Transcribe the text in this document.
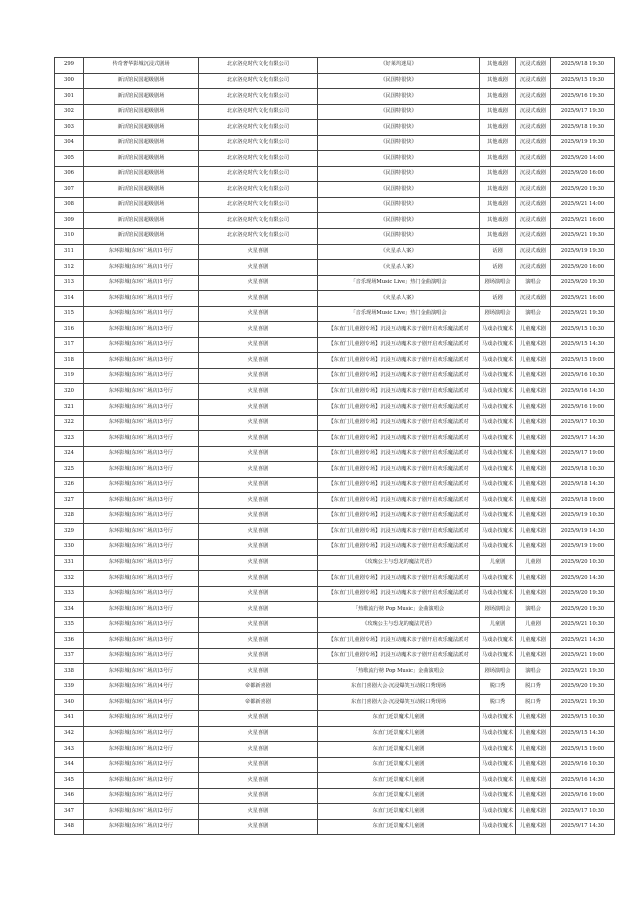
299	传奇奢华影城沉浸式剧场	北京洛克时代文化有限公司	《好莱坞迷局》	其他戏剧	沉浸式戏剧	2025/9/18 19:30
300	新活馆民国超级剧场	北京洛克时代文化有限公司	《民国特很快》	其他戏剧	沉浸式戏剧	2025/9/15 19:30
301	新活馆民国超级剧场	北京洛克时代文化有限公司	《民国特很快》	其他戏剧	沉浸式戏剧	2025/9/16 19:30
302	新活馆民国超级剧场	北京洛克时代文化有限公司	《民国特很快》	其他戏剧	沉浸式戏剧	2025/9/17 19:30
303	新活馆民国超级剧场	北京洛克时代文化有限公司	《民国特很快》	其他戏剧	沉浸式戏剧	2025/9/18 19:30
304	新活馆民国超级剧场	北京洛克时代文化有限公司	《民国特很快》	其他戏剧	沉浸式戏剧	2025/9/19 19:30
305	新活馆民国超级剧场	北京洛克时代文化有限公司	《民国特很快》	其他戏剧	沉浸式戏剧	2025/9/20 14:00
306	新活馆民国超级剧场	北京洛克时代文化有限公司	《民国特很快》	其他戏剧	沉浸式戏剧	2025/9/20 16:00
307	新活馆民国超级剧场	北京洛克时代文化有限公司	《民国特很快》	其他戏剧	沉浸式戏剧	2025/9/20 19:30
308	新活馆民国超级剧场	北京洛克时代文化有限公司	《民国特很快》	其他戏剧	沉浸式戏剧	2025/9/21 14:00
309	新活馆民国超级剧场	北京洛克时代文化有限公司	《民国特很快》	其他戏剧	沉浸式戏剧	2025/9/21 16:00
310	新活馆民国超级剧场	北京洛克时代文化有限公司	《民国特很快》	其他戏剧	沉浸式戏剧	2025/9/21 19:30
311	东环影城(东环广场店)1号厅	火星喜剧	《火星杀人案》	话剧	沉浸式戏剧	2025/9/19 19:30
312	东环影城(东环广场店)1号厅	火星喜剧	《火星杀人案》	话剧	沉浸式戏剧	2025/9/20 16:00
313	东环影城(东环广场店)1号厅	火星喜剧	「音乐现场Music Live」热门金曲演唱会	剧场演唱会	演唱会	2025/9/20 19:30
314	东环影城(东环广场店)1号厅	火星喜剧	《火星杀人案》	话剧	沉浸式戏剧	2025/9/21 16:00
315	东环影城(东环广场店)1号厅	火星喜剧	「音乐现场Music Live」热门金曲演唱会	剧场演唱会	演唱会	2025/9/21 19:30
316	东环影城(东环广场店)3号厅	火星喜剧	【东直门儿童剧专场】沉浸互动魔术亲子剧开启欢乐魔法派对	马戏杂技魔术	儿童魔术剧	2025/9/15 10:30
317	东环影城(东环广场店)3号厅	火星喜剧	【东直门儿童剧专场】沉浸互动魔术亲子剧开启欢乐魔法派对	马戏杂技魔术	儿童魔术剧	2025/9/15 14:30
318	东环影城(东环广场店)3号厅	火星喜剧	【东直门儿童剧专场】沉浸互动魔术亲子剧开启欢乐魔法派对	马戏杂技魔术	儿童魔术剧	2025/9/15 19:00
319	东环影城(东环广场店)3号厅	火星喜剧	【东直门儿童剧专场】沉浸互动魔术亲子剧开启欢乐魔法派对	马戏杂技魔术	儿童魔术剧	2025/9/16 10:30
320	东环影城(东环广场店)3号厅	火星喜剧	【东直门儿童剧专场】沉浸互动魔术亲子剧开启欢乐魔法派对	马戏杂技魔术	儿童魔术剧	2025/9/16 14:30
321	东环影城(东环广场店)3号厅	火星喜剧	【东直门儿童剧专场】沉浸互动魔术亲子剧开启欢乐魔法派对	马戏杂技魔术	儿童魔术剧	2025/9/16 19:00
322	东环影城(东环广场店)3号厅	火星喜剧	【东直门儿童剧专场】沉浸互动魔术亲子剧开启欢乐魔法派对	马戏杂技魔术	儿童魔术剧	2025/9/17 10:30
323	东环影城(东环广场店)3号厅	火星喜剧	【东直门儿童剧专场】沉浸互动魔术亲子剧开启欢乐魔法派对	马戏杂技魔术	儿童魔术剧	2025/9/17 14:30
324	东环影城(东环广场店)3号厅	火星喜剧	【东直门儿童剧专场】沉浸互动魔术亲子剧开启欢乐魔法派对	马戏杂技魔术	儿童魔术剧	2025/9/17 19:00
325	东环影城(东环广场店)3号厅	火星喜剧	【东直门儿童剧专场】沉浸互动魔术亲子剧开启欢乐魔法派对	马戏杂技魔术	儿童魔术剧	2025/9/18 10:30
326	东环影城(东环广场店)3号厅	火星喜剧	【东直门儿童剧专场】沉浸互动魔术亲子剧开启欢乐魔法派对	马戏杂技魔术	儿童魔术剧	2025/9/18 14:30
327	东环影城(东环广场店)3号厅	火星喜剧	【东直门儿童剧专场】沉浸互动魔术亲子剧开启欢乐魔法派对	马戏杂技魔术	儿童魔术剧	2025/9/18 19:00
328	东环影城(东环广场店)3号厅	火星喜剧	【东直门儿童剧专场】沉浸互动魔术亲子剧开启欢乐魔法派对	马戏杂技魔术	儿童魔术剧	2025/9/19 10:30
329	东环影城(东环广场店)3号厅	火星喜剧	【东直门儿童剧专场】沉浸互动魔术亲子剧开启欢乐魔法派对	马戏杂技魔术	儿童魔术剧	2025/9/19 14:30
330	东环影城(东环广场店)3号厅	火星喜剧	【东直门儿童剧专场】沉浸互动魔术亲子剧开启欢乐魔法派对	马戏杂技魔术	儿童魔术剧	2025/9/19 19:00
331	东环影城(东环广场店)3号厅	火星喜剧	《玫瑰公主与恐龙的魔法咒语》	儿童剧	儿童剧	2025/9/20 10:30
332	东环影城(东环广场店)3号厅	火星喜剧	【东直门儿童剧专场】沉浸互动魔术亲子剧开启欢乐魔法派对	马戏杂技魔术	儿童魔术剧	2025/9/20 14:30
333	东环影城(东环广场店)3号厅	火星喜剧	【东直门儿童剧专场】沉浸互动魔术亲子剧开启欢乐魔法派对	马戏杂技魔术	儿童魔术剧	2025/9/20 19:30
334	东环影城(东环广场店)3号厅	火星喜剧	「热歌流行榜 Pop Music」金曲演唱会	剧场演唱会	演唱会	2025/9/20 19:30
335	东环影城(东环广场店)3号厅	火星喜剧	《玫瑰公主与恐龙的魔法咒语》	儿童剧	儿童剧	2025/9/21 10:30
336	东环影城(东环广场店)3号厅	火星喜剧	【东直门儿童剧专场】沉浸互动魔术亲子剧开启欢乐魔法派对	马戏杂技魔术	儿童魔术剧	2025/9/21 14:30
337	东环影城(东环广场店)3号厅	火星喜剧	【东直门儿童剧专场】沉浸互动魔术亲子剧开启欢乐魔法派对	马戏杂技魔术	儿童魔术剧	2025/9/21 19:00
338	东环影城(东环广场店)3号厅	火星喜剧	「热歌流行榜 Pop Music」金曲演唱会	剧场演唱会	演唱会	2025/9/21 19:30
339	东环影城(东环广场店)4号厅	帝都新喜剧	东直门喜剧大会·沉浸爆笑互动脱口秀现场	脱口秀	脱口秀	2025/9/20 19:30
340	东环影城(东环广场店)4号厅	帝都新喜剧	东直门喜剧大会·沉浸爆笑互动脱口秀现场	脱口秀	脱口秀	2025/9/21 19:30
341	东环影城(东环广场店)2号厅	火星喜剧	东直门近景魔术儿童剧	马戏杂技魔术	儿童魔术剧	2025/9/15 10:30
342	东环影城(东环广场店)2号厅	火星喜剧	东直门近景魔术儿童剧	马戏杂技魔术	儿童魔术剧	2025/9/15 14:30
343	东环影城(东环广场店)2号厅	火星喜剧	东直门近景魔术儿童剧	马戏杂技魔术	儿童魔术剧	2025/9/15 19:00
344	东环影城(东环广场店)2号厅	火星喜剧	东直门近景魔术儿童剧	马戏杂技魔术	儿童魔术剧	2025/9/16 10:30
345	东环影城(东环广场店)2号厅	火星喜剧	东直门近景魔术儿童剧	马戏杂技魔术	儿童魔术剧	2025/9/16 14:30
346	东环影城(东环广场店)2号厅	火星喜剧	东直门近景魔术儿童剧	马戏杂技魔术	儿童魔术剧	2025/9/16 19:00
347	东环影城(东环广场店)2号厅	火星喜剧	东直门近景魔术儿童剧	马戏杂技魔术	儿童魔术剧	2025/9/17 10:30
348	东环影城(东环广场店)2号厅	火星喜剧	东直门近景魔术儿童剧	马戏杂技魔术	儿童魔术剧	2025/9/17 14:30
